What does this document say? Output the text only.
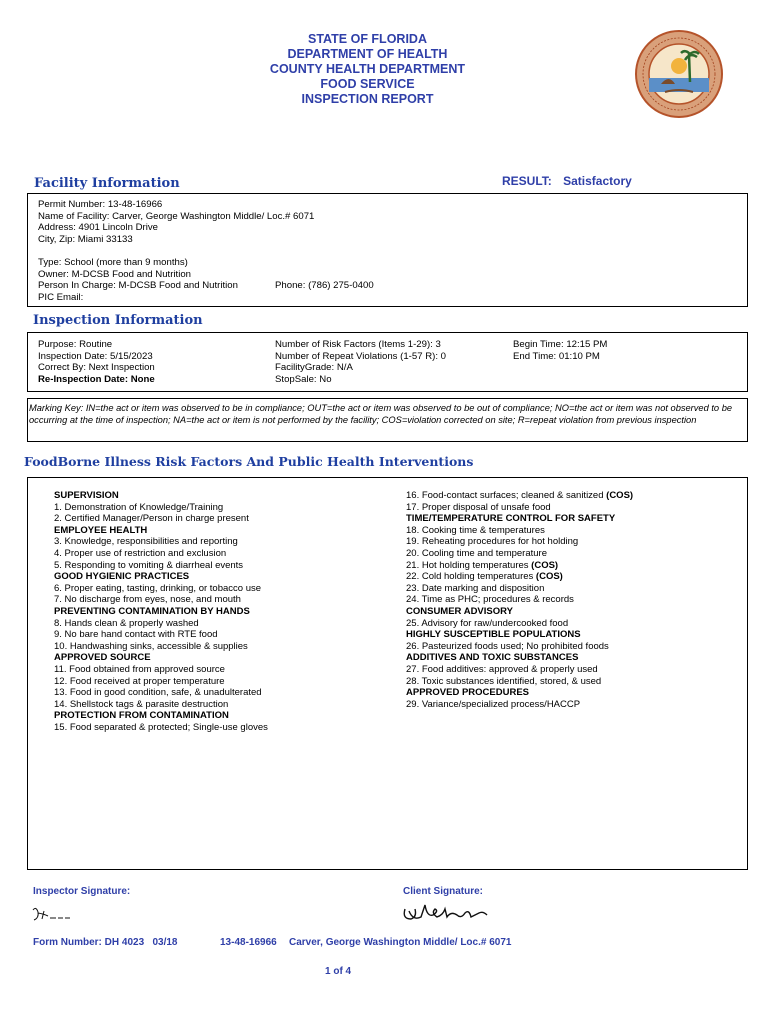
STATE OF FLORIDA
DEPARTMENT OF HEALTH
COUNTY HEALTH DEPARTMENT
FOOD SERVICE
INSPECTION REPORT
Facility Information	RESULT: Satisfactory
Permit Number: 13-48-16966
Name of Facility: Carver, George Washington Middle/ Loc.# 6071
Address: 4901 Lincoln Drive
City, Zip: Miami 33133
Type: School (more than 9 months)
Owner: M-DCSB Food and Nutrition
Person In Charge: M-DCSB Food and Nutrition	Phone: (786) 275-0400
PIC Email:
Inspection Information
Purpose: Routine
Inspection Date: 5/15/2023
Correct By: Next Inspection
Re-Inspection Date: None
Number of Risk Factors (Items 1-29): 3
Number of Repeat Violations (1-57 R): 0
FacilityGrade: N/A
StopSale: No
Begin Time: 12:15 PM
End Time: 01:10 PM
Marking Key: IN=the act or item was observed to be in compliance; OUT=the act or item was observed to be out of compliance; NO=the act or item was not observed to be occurring at the time of inspection; NA=the act or item is not performed by the facility; COS=violation corrected on site; R=repeat violation from previous inspection
FoodBorne Illness Risk Factors And Public Health Interventions
SUPERVISION
1. Demonstration of Knowledge/Training
2. Certified Manager/Person in charge present
EMPLOYEE HEALTH
3. Knowledge, responsibilities and reporting
4. Proper use of restriction and exclusion
5. Responding to vomiting & diarrheal events
GOOD HYGIENIC PRACTICES
6. Proper eating, tasting, drinking, or tobacco use
7. No discharge from eyes, nose, and mouth
PREVENTING CONTAMINATION BY HANDS
8. Hands clean & properly washed
9. No bare hand contact with RTE food
10. Handwashing sinks, accessible & supplies
APPROVED SOURCE
11. Food obtained from approved source
12. Food received at proper temperature
13. Food in good condition, safe, & unadulterated
14. Shellstock tags & parasite destruction
PROTECTION FROM CONTAMINATION
15. Food separated & protected; Single-use gloves
16. Food-contact surfaces; cleaned & sanitized (COS)
17. Proper disposal of unsafe food
TIME/TEMPERATURE CONTROL FOR SAFETY
18. Cooking time & temperatures
19. Reheating procedures for hot holding
20. Cooling time and temperature
21. Hot holding temperatures (COS)
22. Cold holding temperatures (COS)
23. Date marking and disposition
24. Time as PHC; procedures & records
CONSUMER ADVISORY
25. Advisory for raw/undercooked food
HIGHLY SUSCEPTIBLE POPULATIONS
26. Pasteurized foods used; No prohibited foods
ADDITIVES AND TOXIC SUBSTANCES
27. Food additives: approved & properly used
28. Toxic substances identified, stored, & used
APPROVED PROCEDURES
29. Variance/specialized process/HACCP
Inspector Signature:	Client Signature:
Form Number: DH 4023   03/18	13-48-16966 Carver, George Washington Middle/ Loc.# 6071
1 of 4
